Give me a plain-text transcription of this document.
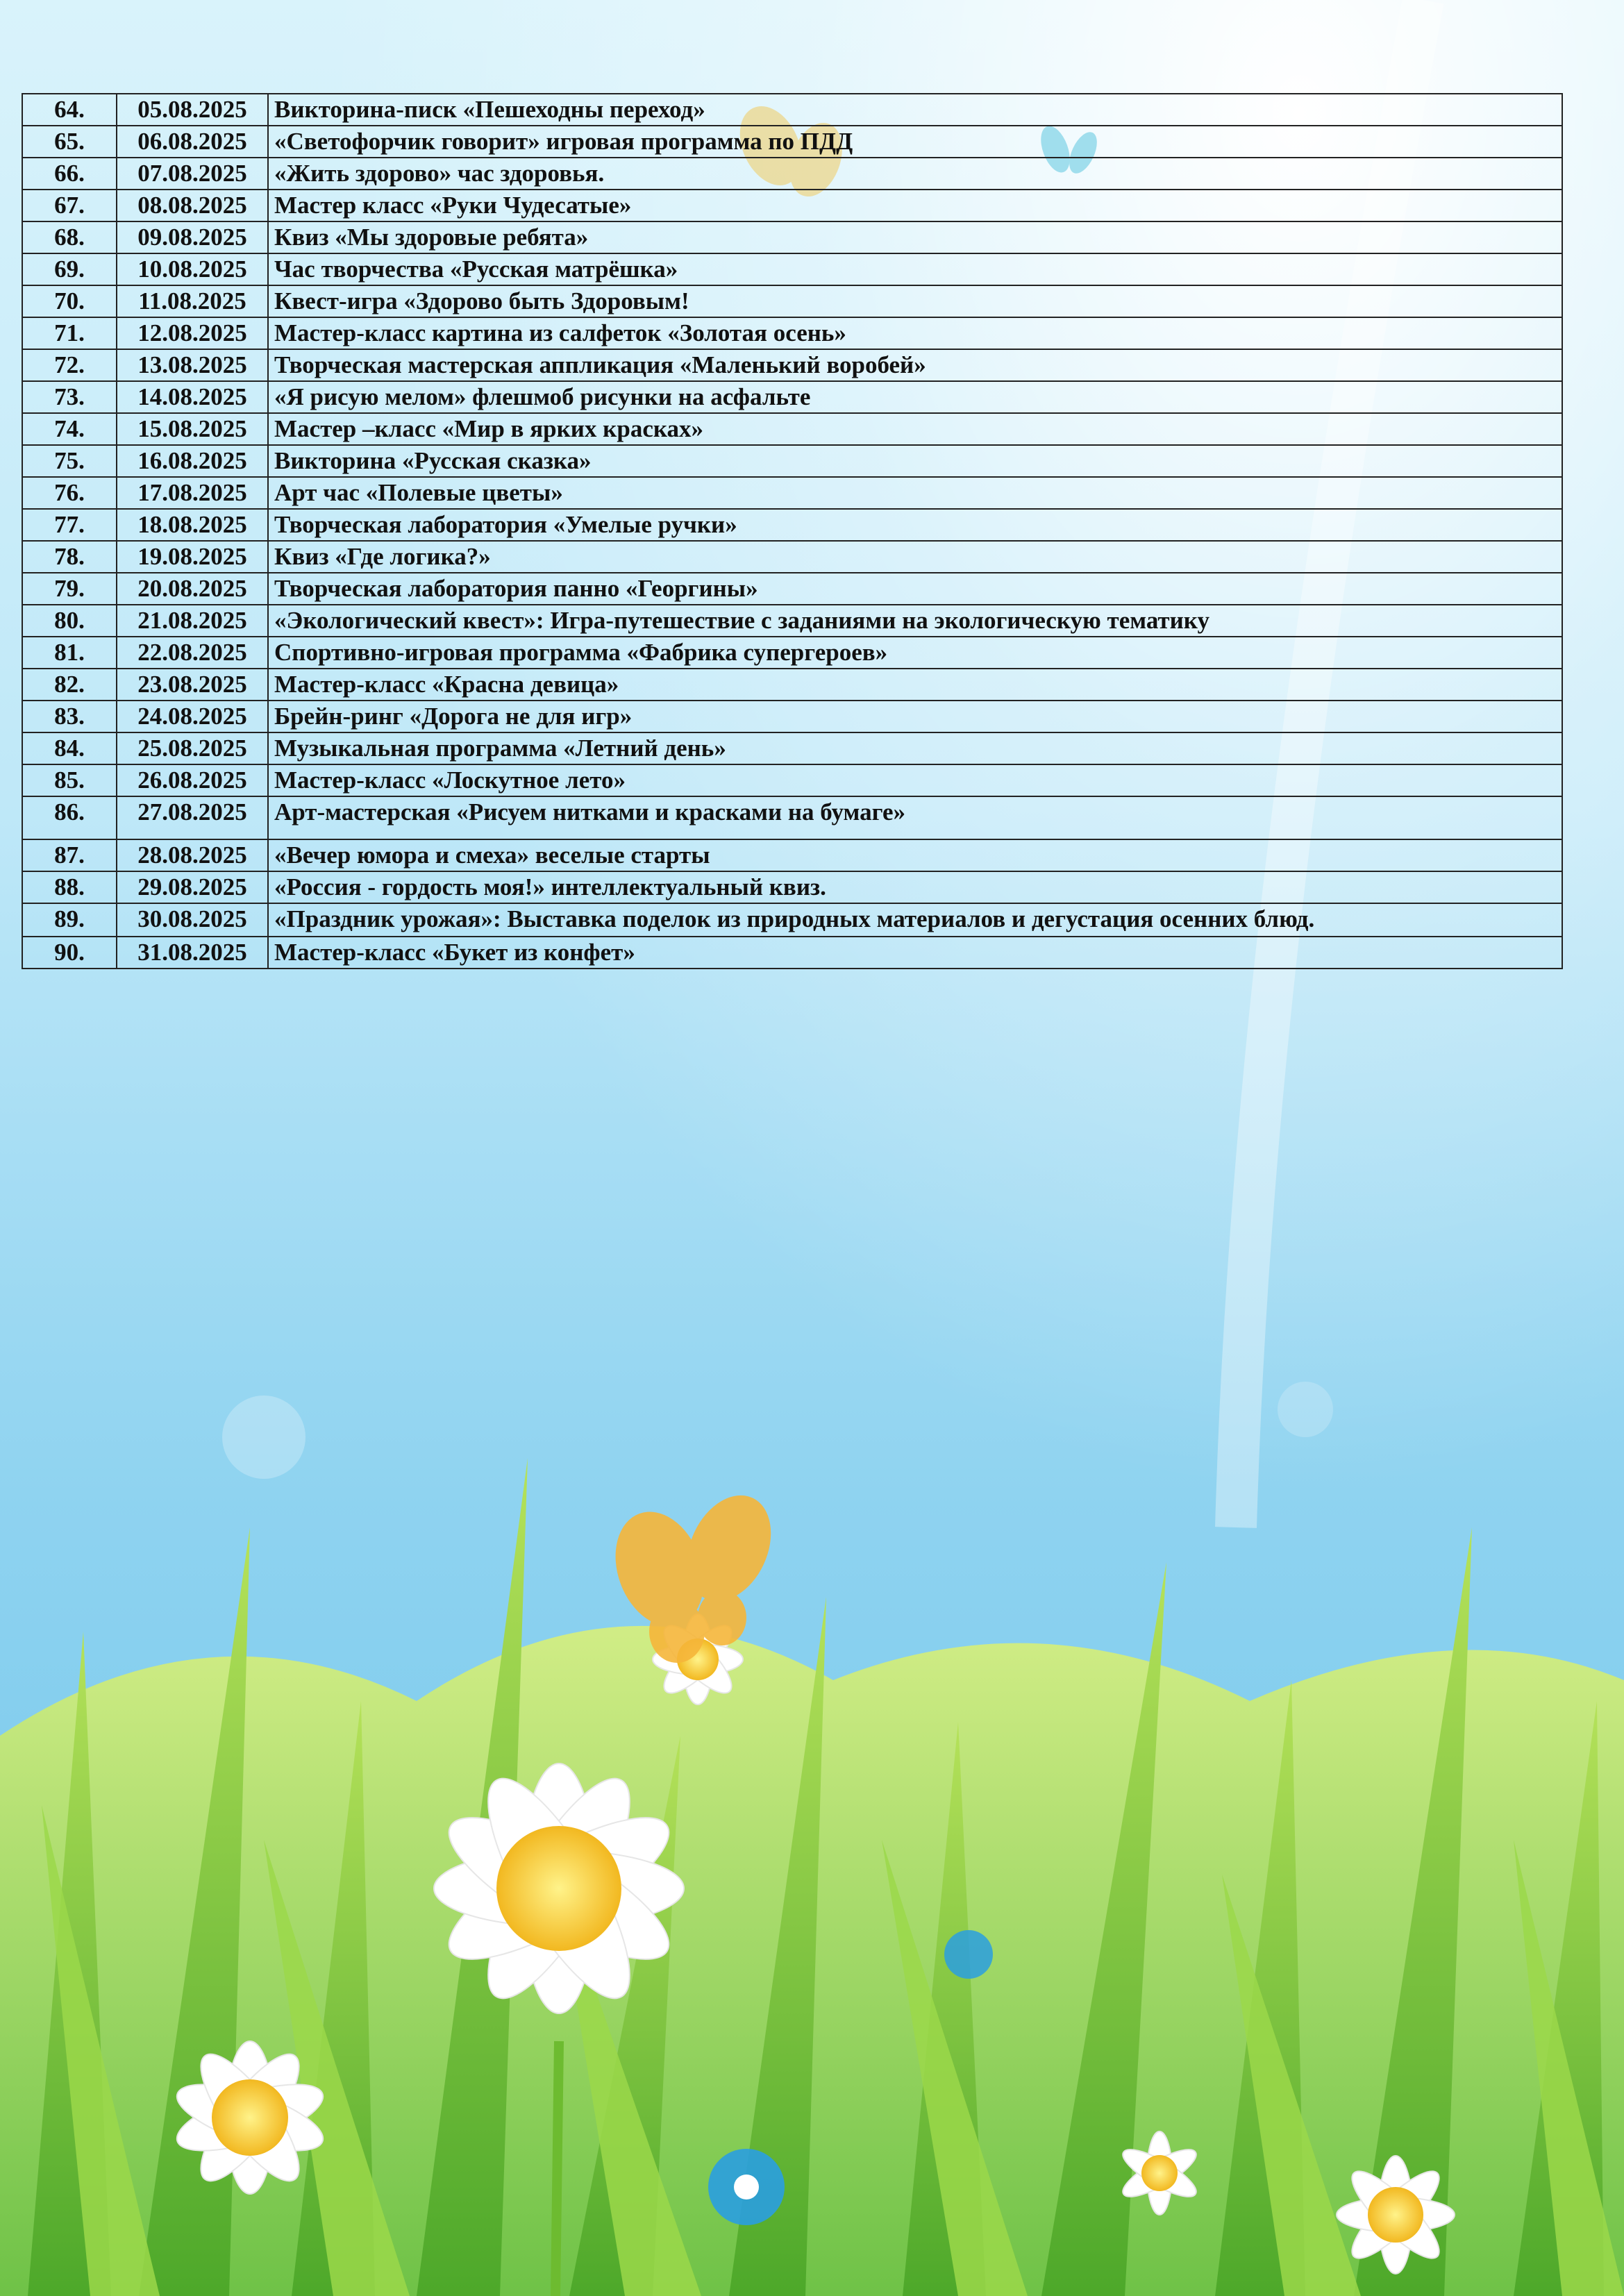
64.	05.08.2025	Викторина-писк «Пешеходны переход»
65.	06.08.2025	«Светофорчик говорит» игровая программа по ПДД
66.	07.08.2025	«Жить здорово» час здоровья.
67.	08.08.2025	Мастер класс «Руки Чудесатые»
68.	09.08.2025	Квиз «Мы здоровые ребята»
69.	10.08.2025	Час творчества «Русская матрёшка»
70.	11.08.2025	Квест-игра «Здорово быть Здоровым!
71.	12.08.2025	Мастер-класс картина из салфеток «Золотая осень»
72.	13.08.2025	Творческая мастерская аппликация «Маленький воробей»
73.	14.08.2025	«Я рисую мелом» флешмоб рисунки на асфальте
74.	15.08.2025	Мастер –класс «Мир в ярких красках»
75.	16.08.2025	Викторина «Русская сказка»
76.	17.08.2025	Арт час «Полевые цветы»
77.	18.08.2025	Творческая лаборатория «Умелые ручки»
78.	19.08.2025	Квиз «Где логика?»
79.	20.08.2025	Творческая лаборатория панно «Георгины»
80.	21.08.2025	«Экологический квест»: Игра-путешествие с заданиями на экологическую тематику
81.	22.08.2025	Спортивно-игровая программа «Фабрика супергероев»
82.	23.08.2025	Мастер-класс «Красна девица»
83.	24.08.2025	Брейн-ринг «Дорога не для игр»
84.	25.08.2025	Музыкальная программа «Летний день»
85.	26.08.2025	Мастер-класс «Лоскутное лето»
86.	27.08.2025	Арт-мастерская «Рисуем нитками и красками на бумаге»
87.	28.08.2025	«Вечер юмора и смеха» веселые старты
88.	29.08.2025	«Россия - гордость моя!» интеллектуальный квиз.
89.	30.08.2025	«Праздник урожая»: Выставка поделок из природных материалов и дегустация осенних блюд.
90.	31.08.2025	Мастер-класс «Букет из конфет»
